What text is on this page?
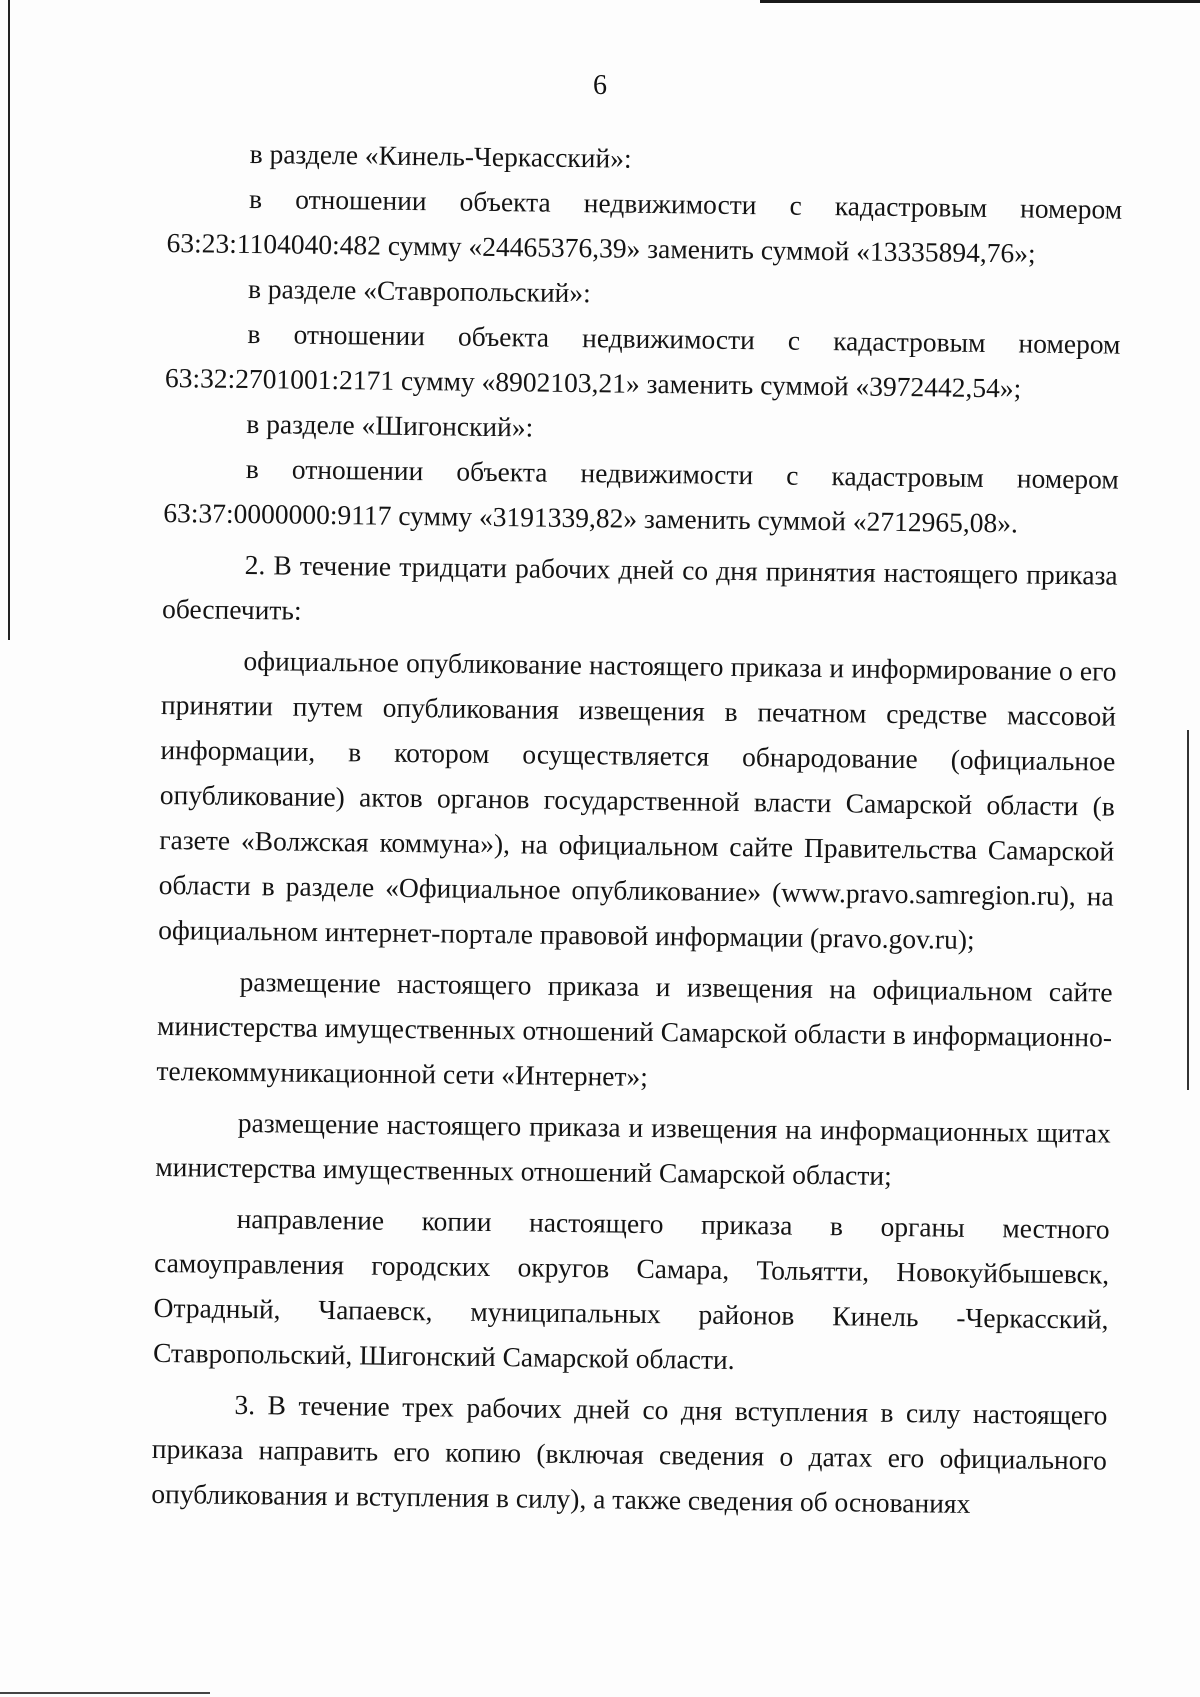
6

в разделе «Кинель-Черкасский»:

в отношении объекта недвижимости с кадастровым номером 63:23:1104040:482 сумму «24465376,39» заменить суммой «13335894,76»;

в разделе «Ставропольский»:

в отношении объекта недвижимости с кадастровым номером 63:32:2701001:2171 сумму «8902103,21» заменить суммой «3972442,54»;

в разделе «Шигонский»:

в отношении объекта недвижимости с кадастровым номером 63:37:0000000:9117 сумму «3191339,82» заменить суммой «2712965,08».

2. В течение тридцати рабочих дней со дня принятия настоящего приказа обеспечить:

официальное опубликование настоящего приказа и информирование о его принятии путем опубликования извещения в печатном средстве массовой информации, в котором осуществляется обнародование (официальное опубликование) актов органов государственной власти Самарской области (в газете «Волжская коммуна»), на официальном сайте Правительства Самарской области в разделе «Официальное опубликование» (www.pravo.samregion.ru), на официальном интернет-портале правовой информации (pravo.gov.ru);

размещение настоящего приказа и извещения на официальном сайте министерства имущественных отношений Самарской области в информационно-телекоммуникационной сети «Интернет»;

размещение настоящего приказа и извещения на информационных щитах министерства имущественных отношений Самарской области;

направление копии настоящего приказа в органы местного самоуправления городских округов Самара, Тольятти, Новокуйбышевск, Отрадный, Чапаевск, муниципальных районов Кинель -Черкасский, Ставропольский, Шигонский Самарской области.

3. В течение трех рабочих дней со дня вступления в силу настоящего приказа направить его копию (включая сведения о датах его официального опубликования и вступления в силу), а также сведения об основаниях
